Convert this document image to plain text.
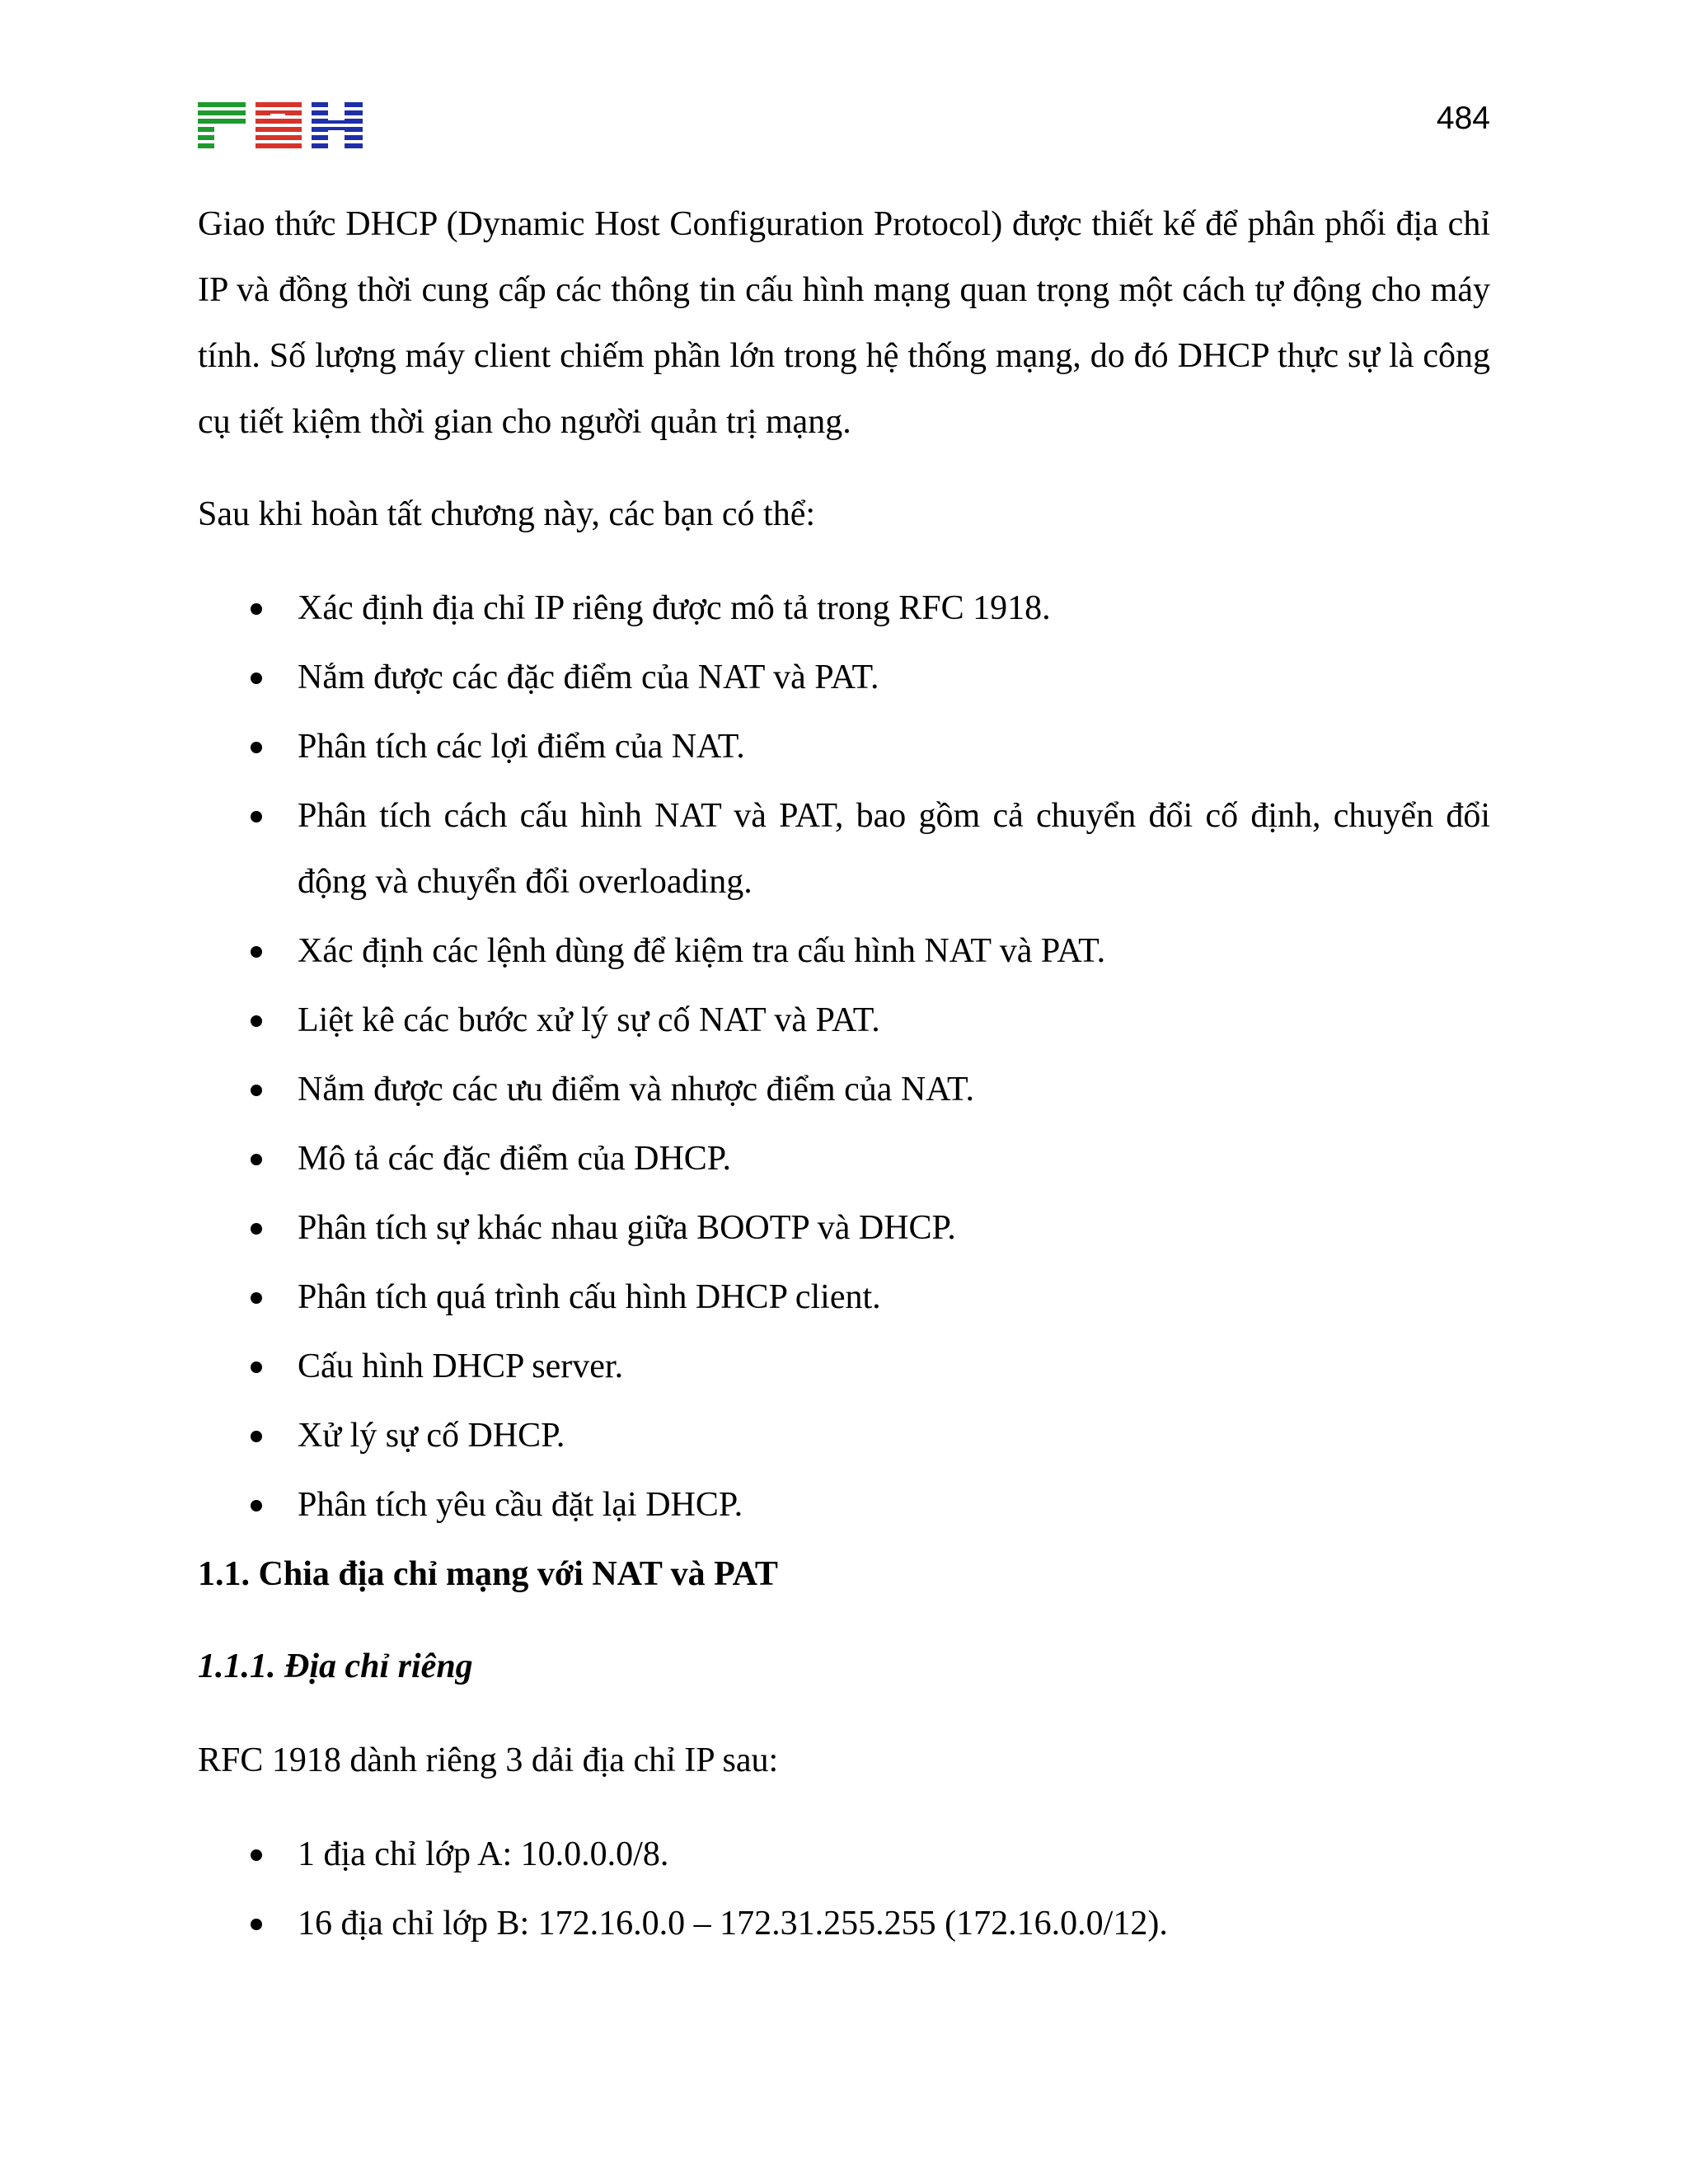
484

Giao thức DHCP (Dynamic Host Configuration Protocol) được thiết kế để phân phối địa chỉ IP và đồng thời cung cấp các thông tin cấu hình mạng quan trọng một cách tự động cho máy tính. Số lượng máy client chiếm phần lớn trong hệ thống mạng, do đó DHCP thực sự là công cụ tiết kiệm thời gian cho người quản trị mạng.

Sau khi hoàn tất chương này, các bạn có thể:

Xác định địa chỉ IP riêng được mô tả trong RFC 1918.
Nắm được các đặc điểm của NAT và PAT.
Phân tích các lợi điểm của NAT.
Phân tích cách cấu hình NAT và PAT, bao gồm cả chuyển đổi cố định, chuyển đổi động và chuyển đổi overloading.
Xác định các lệnh dùng để kiệm tra cấu hình NAT và PAT.
Liệt kê các bước xử lý sự cố NAT và PAT.
Nắm được các ưu điểm và nhược điểm của NAT.
Mô tả các đặc điểm của DHCP.
Phân tích sự khác nhau giữa BOOTP và DHCP.
Phân tích quá trình cấu hình DHCP client.
Cấu hình DHCP server.
Xử lý sự cố DHCP.
Phân tích yêu cầu đặt lại DHCP.
1.1. Chia địa chỉ mạng với NAT và PAT
1.1.1. Địa chỉ riêng

RFC 1918 dành riêng 3 dải địa chỉ IP sau:

1 địa chỉ lớp A: 10.0.0.0/8.
16 địa chỉ lớp B: 172.16.0.0 – 172.31.255.255 (172.16.0.0/12).
